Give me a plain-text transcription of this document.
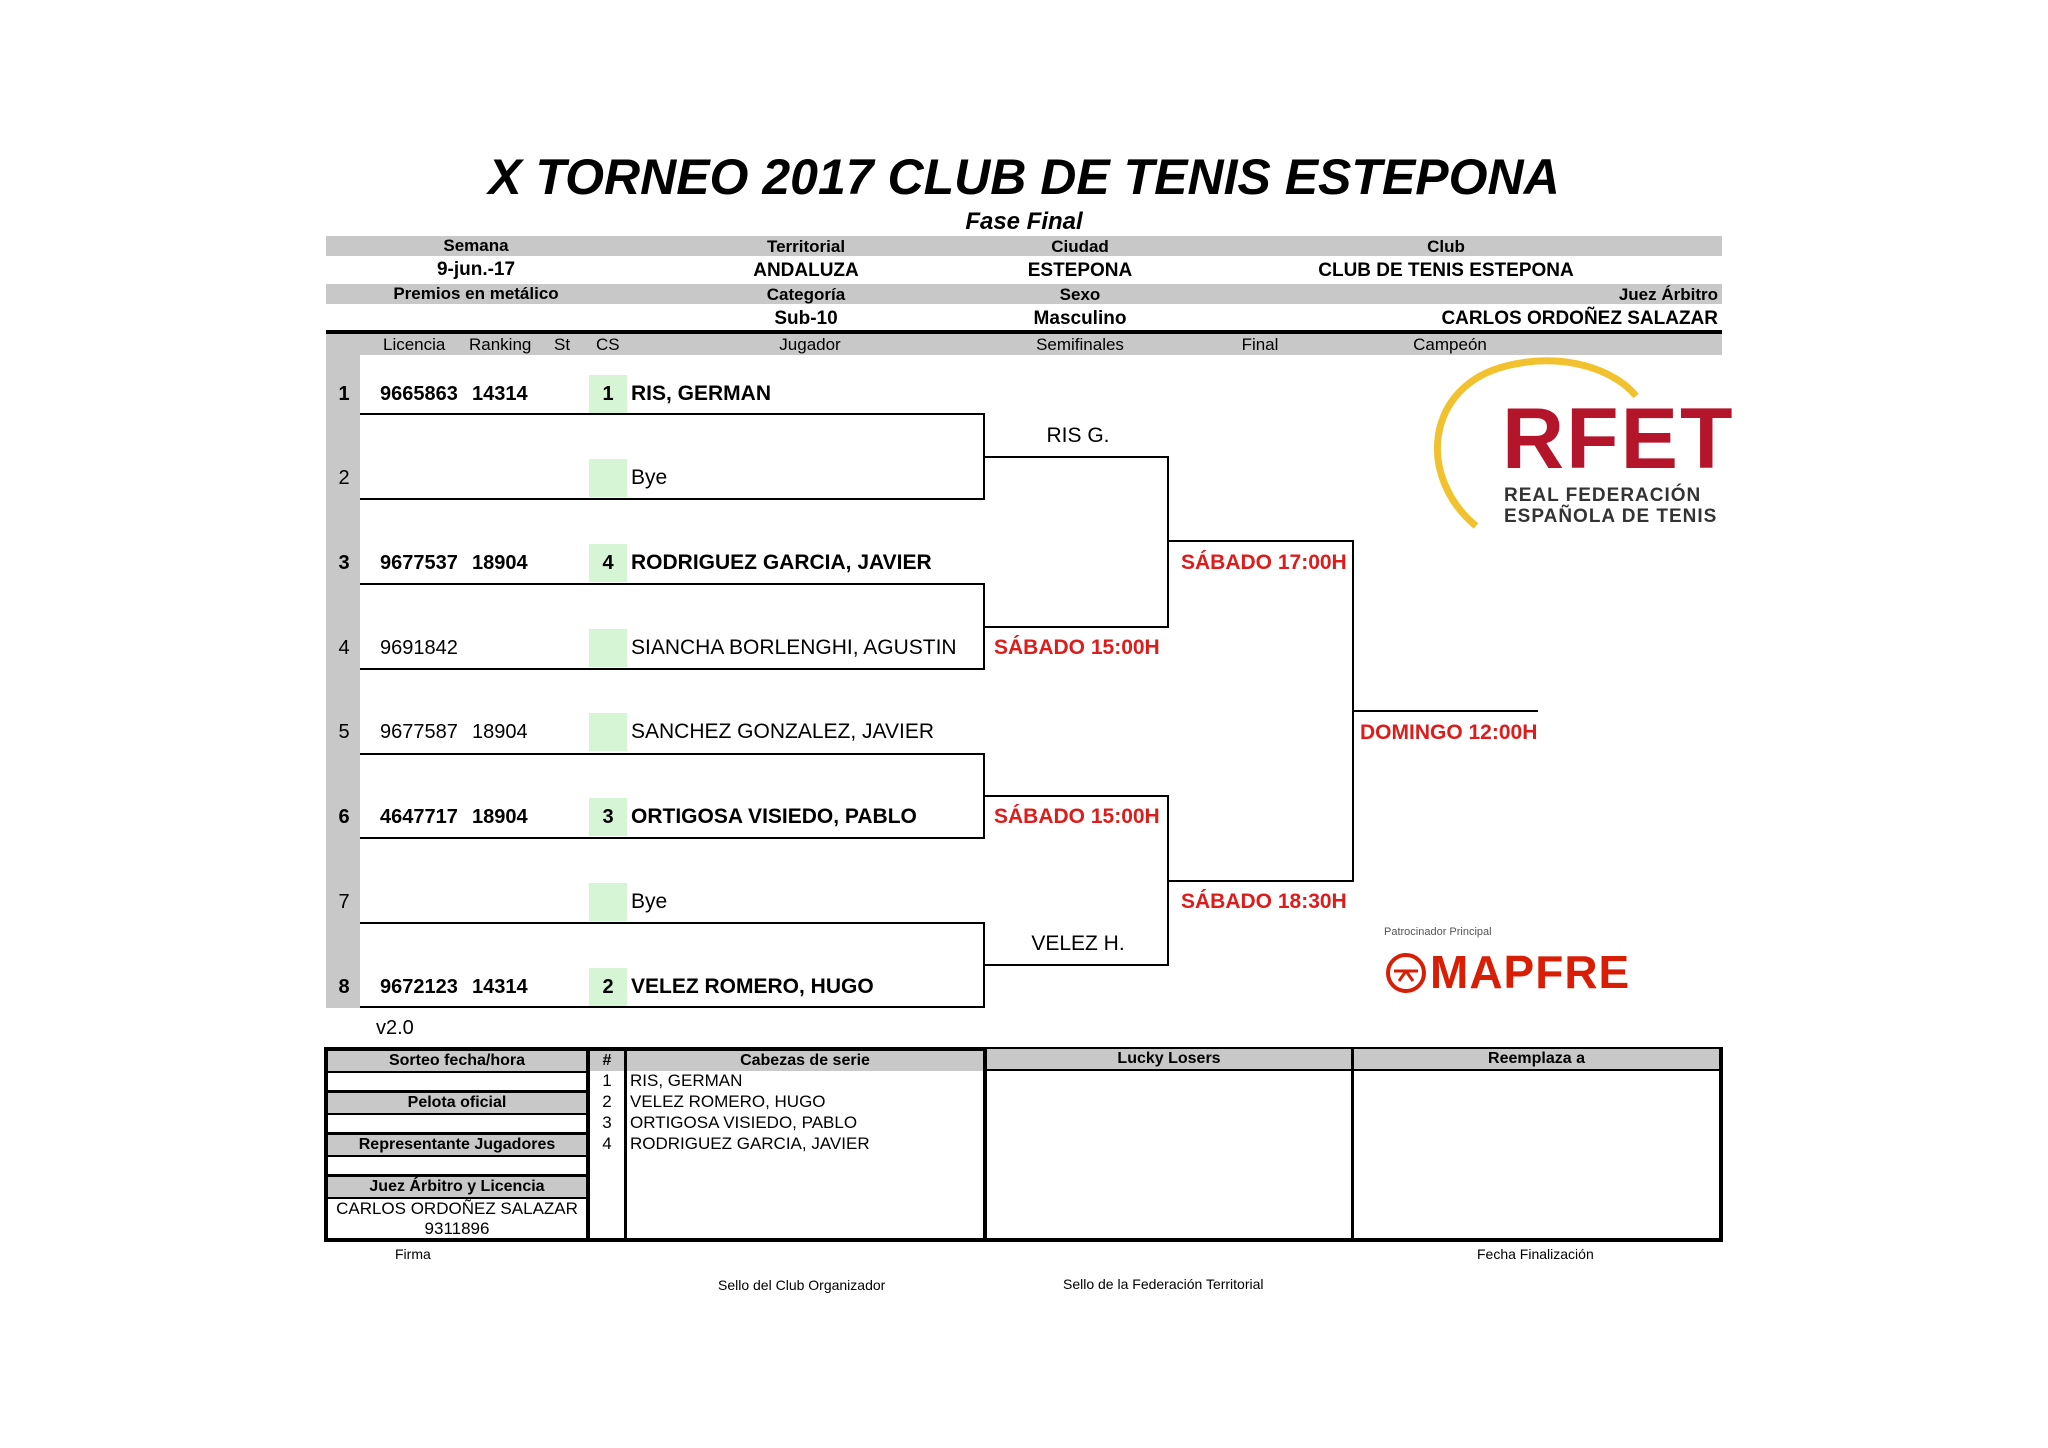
X TORNEO 2017 CLUB DE TENIS ESTEPONA
Fase Final
Semana
9-jun.-17
Territorial
ANDALUZA
Ciudad
ESTEPONA
Club
CLUB DE TENIS ESTEPONA
Premios en metálico	Categoría
Sub-10
Sexo
Masculino
Juez Árbitro
CARLOS ORDOÑEZ SALAZAR
Licencia Ranking St CS	Jugador	Semifinales	Final	Campeón
1 9665863 14314	1 RIS, GERMAN
2	Bye
3 9677537 18904	4 RODRIGUEZ GARCIA, JAVIER
4 9691842	SIANCHA BORLENGHI, AGUSTIN
5 9677587 18904	SANCHEZ GONZALEZ, JAVIER
6 4647717 18904	3 ORTIGOSA VISIEDO, PABLO
7	Bye
8 9672123 14314	2 VELEZ ROMERO, HUGO
RIS G.
SÁBADO 15:00H
SÁBADO 15:00H
VELEZ H.
SÁBADO 17:00H
SÁBADO 18:30H
DOMINGO 12:00H
RFET
REAL FEDERACIÓN
ESPAÑOLA DE TENIS
Patrocinador Principal
MAPFRE
v2.0
Sorteo fecha/hora
Pelota oficial
Representante Jugadores
Juez Árbitro y Licencia
CARLOS ORDOÑEZ SALAZAR
9311896
#	Cabezas de serie	Lucky Losers	Reemplaza a
1	RIS, GERMAN
2	VELEZ ROMERO, HUGO
3	ORTIGOSA VISIEDO, PABLO
4	RODRIGUEZ GARCIA, JAVIER
Firma	Fecha Finalización
Sello del Club Organizador	Sello de la Federación Territorial
